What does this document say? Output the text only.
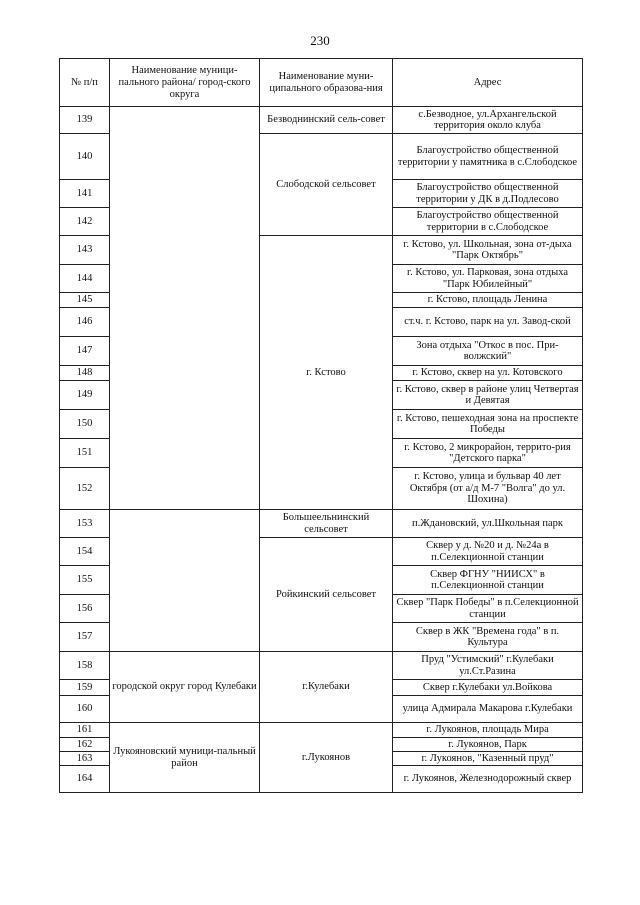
230
№ п/п	Наименование муници-пального района/ город-ского округа	Наименование муни-ципального образова-ния	Адрес
139		Безводнинский сель-совет	с.Безводное, ул.Архангельской территория около клуба
140		Слободской сельсовет	Благоустройство общественной территории у памятника в с.Слободское
141			Благоустройство общественной территории у ДК в д.Подлесово
142			Благоустройство общественной территории в с.Слободское
143		г. Кстово	г. Кстово, ул. Школьная, зона от-дыха "Парк Октябрь"
144			г. Кстово, ул. Парковая, зона отдыха "Парк Юбилейный"
145			г. Кстово, площадь Ленина
146			ст.ч. г. Кстово, парк на ул. Завод-ской
147			Зона отдыха "Откос в пос. При-волжский"
148			г. Кстово, сквер на ул. Котовского
149			г. Кстово, сквер в районе улиц Четвертая и Девятая
150			г. Кстово, пешеходная зона на проспекте Победы
151			г. Кстово, 2 микрорайон, террито-рия "Детского парка"
152			г. Кстово, улица и бульвар 40 лет Октября (от а/д М-7 "Волга" до ул. Шохина)
153		Большеельнинский сельсовет	п.Ждановский, ул.Школьная парк
154		Ройкинский сельсовет	Сквер у д. №20 и д. №24а в п.Селекционной станции
155			Сквер ФГНУ "НИИСХ" в п.Селекционной станции
156			Сквер "Парк Победы" в п.Селекционной станции
157			Сквер в ЖК "Времена года" в п. Культура
158	городской округ город Кулебаки	г.Кулебаки	Пруд "Устимский" г.Кулебаки ул.Ст.Разина
159			Сквер г.Кулебаки ул.Войкова
160			улица Адмирала Макарова г.Кулебаки
161	Лукояновский муници-пальный район	г.Лукоянов	г. Лукоянов, площадь Мира
162			г. Лукоянов, Парк
163			г. Лукоянов, "Казенный пруд"
164			г. Лукоянов, Железнодорожный сквер
